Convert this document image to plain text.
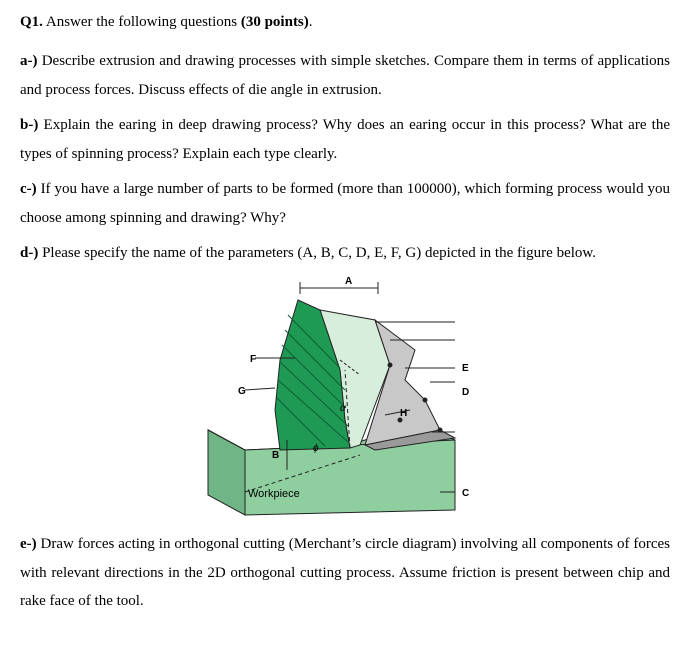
Q1. Answer the following questions (30 points).
a-) Describe extrusion and drawing processes with simple sketches. Compare them in terms of applications and process forces. Discuss effects of die angle in extrusion.
b-) Explain the earing in deep drawing process? Why does an earing occur in this process? What are the types of spinning process? Explain each type clearly.
c-) If you have a large number of parts to be formed (more than 100000), which forming process would you choose among spinning and drawing? Why?
d-) Please specify the name of the parameters (A, B, C, D, E, F, G) depicted in the figure below.
A
F
G
E
D
H
B
C
α
ϕ
Workpiece
e-) Draw forces acting in orthogonal cutting (Merchant’s circle diagram) involving all components of forces with relevant directions in the 2D orthogonal cutting process. Assume friction is present between chip and rake face of the tool.
